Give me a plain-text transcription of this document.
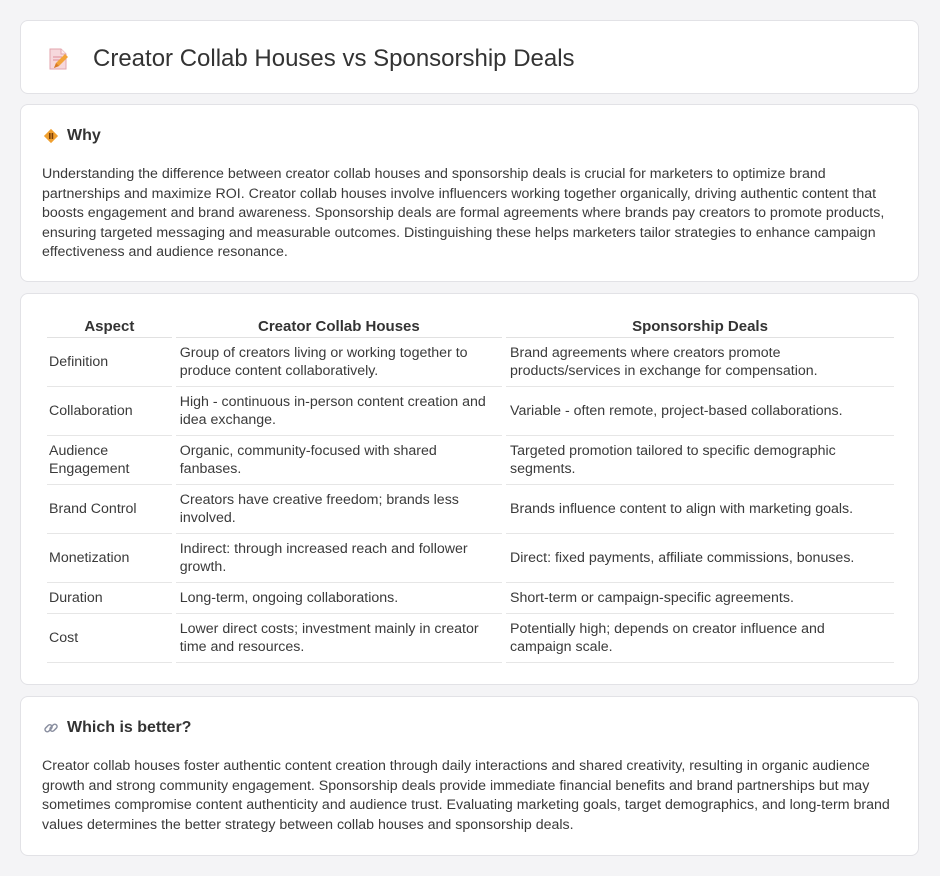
Creator Collab Houses vs Sponsorship Deals
Why

Understanding the difference between creator collab houses and sponsorship deals is crucial for marketers to optimize brand partnerships and maximize ROI. Creator collab houses involve influencers working together organically, driving authentic content that boosts engagement and brand awareness. Sponsorship deals are formal agreements where brands pay creators to promote products, ensuring targeted messaging and measurable outcomes. Distinguishing these helps marketers tailor strategies to enhance campaign effectiveness and audience resonance.

Aspect	Creator Collab Houses	Sponsorship Deals
Definition	Group of creators living or working together to produce content collaboratively.	Brand agreements where creators promote products/services in exchange for compensation.
Collaboration	High - continuous in-person content creation and idea exchange.	Variable - often remote, project-based collaborations.
Audience Engagement	Organic, community-focused with shared fanbases.	Targeted promotion tailored to specific demographic segments.
Brand Control	Creators have creative freedom; brands less involved.	Brands influence content to align with marketing goals.
Monetization	Indirect: through increased reach and follower growth.	Direct: fixed payments, affiliate commissions, bonuses.
Duration	Long-term, ongoing collaborations.	Short-term or campaign-specific agreements.
Cost	Lower direct costs; investment mainly in creator time and resources.	Potentially high; depends on creator influence and campaign scale.
Which is better?

Creator collab houses foster authentic content creation through daily interactions and shared creativity, resulting in organic audience growth and strong community engagement. Sponsorship deals provide immediate financial benefits and brand partnerships but may sometimes compromise content authenticity and audience trust. Evaluating marketing goals, target demographics, and long-term brand values determines the better strategy between collab houses and sponsorship deals.
